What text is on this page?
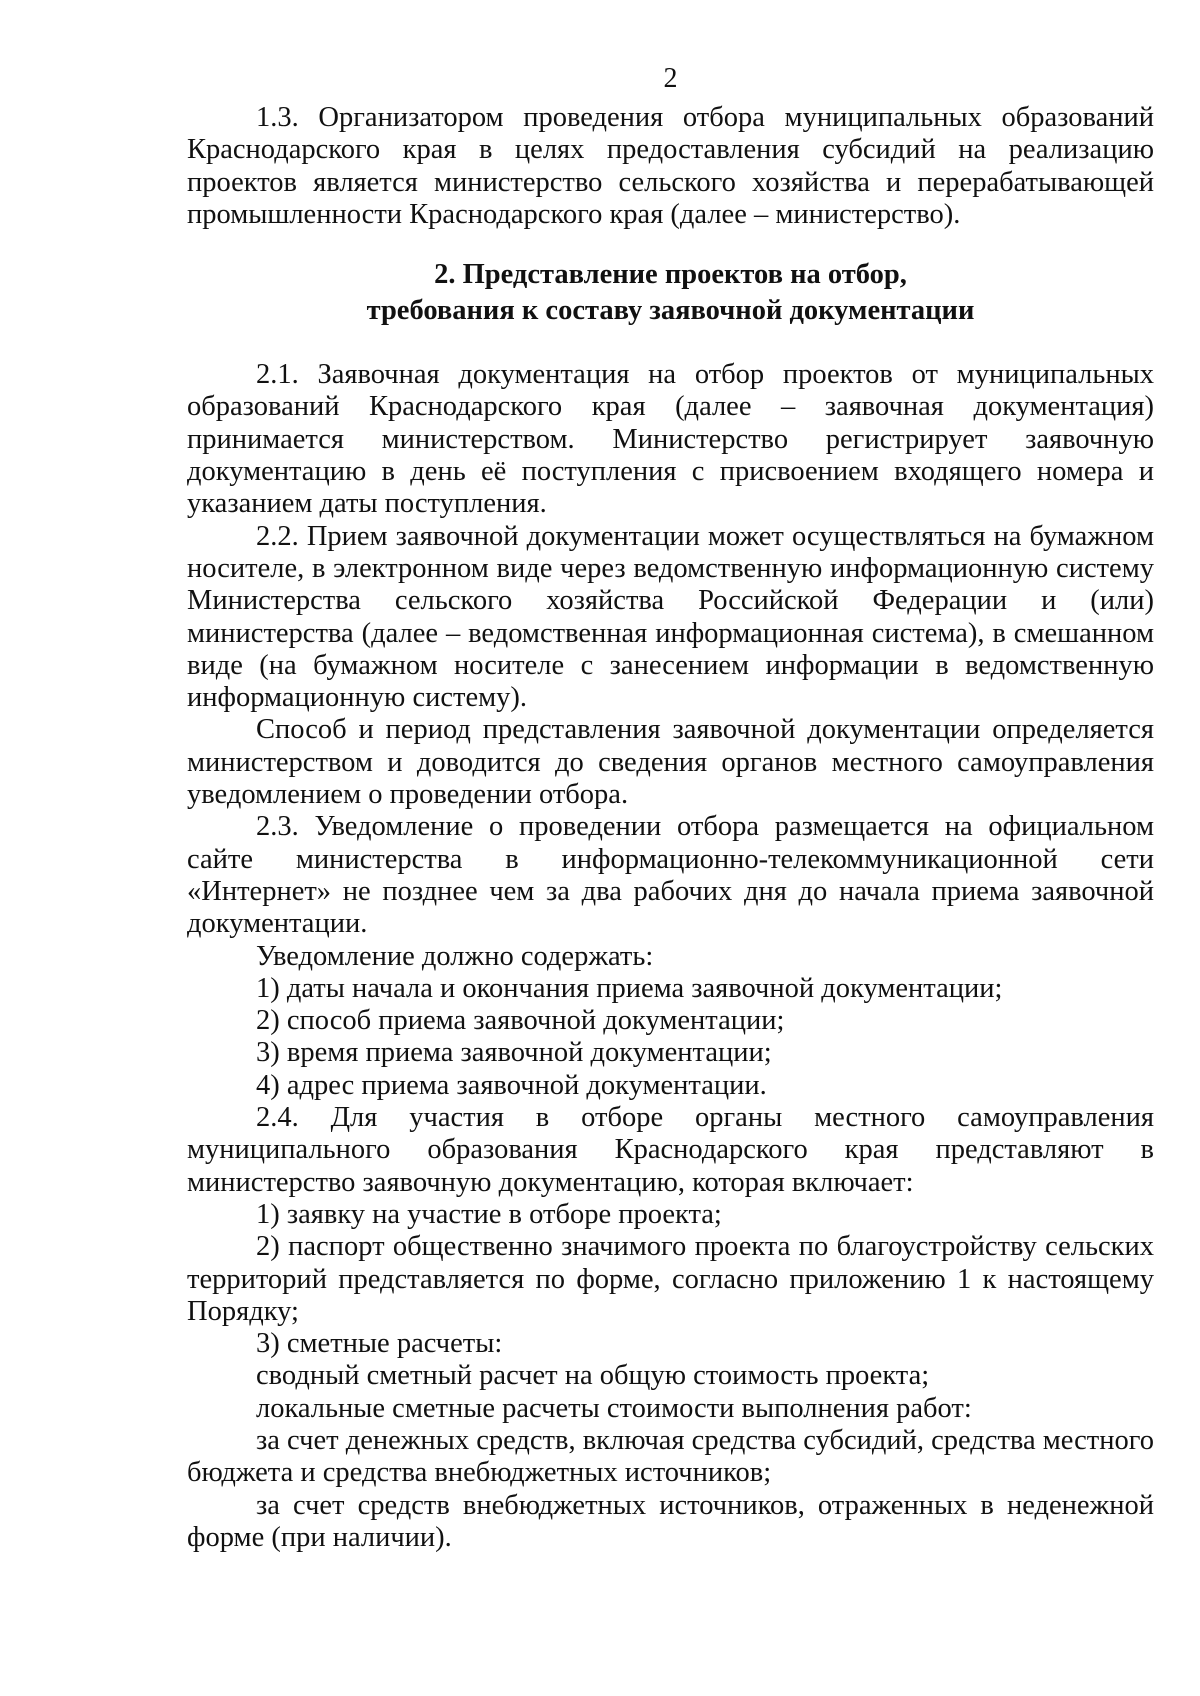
2

1.3. Организатором проведения отбора муниципальных образований Краснодарского края в целях предоставления субсидий на реализацию проектов является министерство сельского хозяйства и перерабатывающей промышленности Краснодарского края (далее – министерство).

2. Представление проектов на отбор,
требования к составу заявочной документации

2.1. Заявочная документация на отбор проектов от муниципальных образований Краснодарского края (далее – заявочная документация) принимается министерством. Министерство регистрирует заявочную документацию в день её поступления с присвоением входящего номера и указанием даты поступления.

2.2. Прием заявочной документации может осуществляться на бумажном носителе, в электронном виде через ведомственную информационную систему Министерства сельского хозяйства Российской Федерации и (или) министерства (далее – ведомственная информационная система), в смешанном виде (на бумажном носителе с занесением информации в ведомственную информационную систему).

Способ и период представления заявочной документации определяется министерством и доводится до сведения органов местного самоуправления уведомлением о проведении отбора.

2.3. Уведомление о проведении отбора размещается на официальном сайте министерства в информационно-телекоммуникационной сети «Интернет» не позднее чем за два рабочих дня до начала приема заявочной документации.

Уведомление должно содержать:

1) даты начала и окончания приема заявочной документации;

2) способ приема заявочной документации;

3) время приема заявочной документации;

4) адрес приема заявочной документации.

2.4. Для участия в отборе органы местного самоуправления муниципального образования Краснодарского края представляют в министерство заявочную документацию, которая включает:

1) заявку на участие в отборе проекта;

2) паспорт общественно значимого проекта по благоустройству сельских территорий представляется по форме, согласно приложению 1 к настоящему Порядку;

3) сметные расчеты:

сводный сметный расчет на общую стоимость проекта;

локальные сметные расчеты стоимости выполнения работ:

за счет денежных средств, включая средства субсидий, средства местного бюджета и средства внебюджетных источников;

за счет средств внебюджетных источников, отраженных в неденежной форме (при наличии).
